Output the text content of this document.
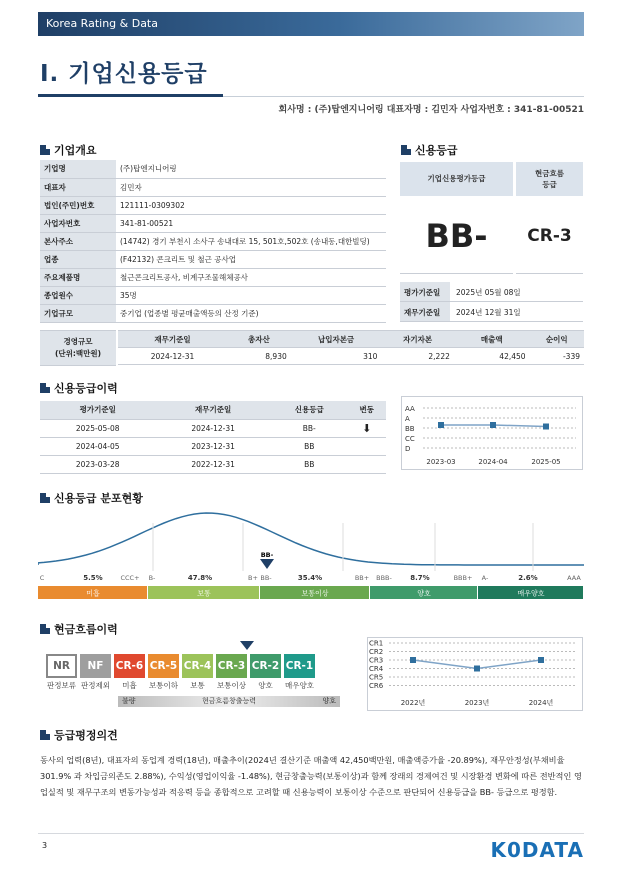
Korea Rating & Data
I. 기업신용등급
회사명 : (주)탑엔지니어링 대표자명 : 김민자 사업자번호 : 341-81-00521
기업개요
기업명	(주)탑엔지니어링
대표자	김민자
법인(주민)번호	121111-0309302
사업자번호	341-81-00521
본사주소	(14742) 경기 부천시 소사구 송내대로 15, 501호,502호 (송내동,대한빌딩)
업종	(F42132) 콘크리트 및 철근 공사업
주요제품명	철근콘크리트공사, 비계구조물해체공사
종업원수	35명
기업규모	중기업 (업종별 평균매출액등의 산정 기준)
신용등급
기업신용평가등급
현금흐름
등급
BB-	CR-3
평가기준일	2025년 05월 08일
재무기준일	2024년 12월 31일
경영규모
(단위:백만원)
재무기준일	총자산	납입자본금	자기자본	매출액	순이익
2024-12-31	8,930	310	2,222	42,450	-339
신용등급이력
평가기준일	재무기준일	신용등급	변동
2025-05-08	2024-12-31	BB-	⬇
2024-04-05	2023-12-31	BB	
2023-03-28	2022-12-31	BB	
AA
A
BB
CC
D
2023-03	2024-04	2025-05
신용등급 분포현황
BB-
C	CCC+ B-	B+ BB-	BB+ BBB-	BBB+ A-	AAA
5.5%	47.8%	35.4%	8.7%	2.6%
미흡	보통	보통이상	양호	매우양호
현금흐름이력
NR	NF	CR-6 CR-5 CR-4 CR-3 CR-2 CR-1
판정보류 판정제외	미흡	보통이하	보통	보통이상	양호	매우양호
불량	현금흐름창출능력	양호
CR1
CR2
CR3
CR4
CR5
CR6
2022년	2023년	2024년
등급평정의견
동사의 업력(8년), 대표자의 동업계 경력(18년), 매출추이(2024년 결산기준 매출액 42,450백만원, 매출액증가율 -20.89%), 재무안정성(부채비율 301.9% 과 차입금의존도 2.88%), 수익성(영업이익율 -1.48%), 현금창출능력(보통이상)과 함께 장래의 경제여건 및 시장환경 변화에 따른 전반적인 영업실적 및 재무구조의 변동가능성과 적응력 등을 종합적으로 고려할 때 신용능력이 보통이상 수준으로 판단되어 신용등급을 BB- 등급으로 평정함.
3	K0DATA
